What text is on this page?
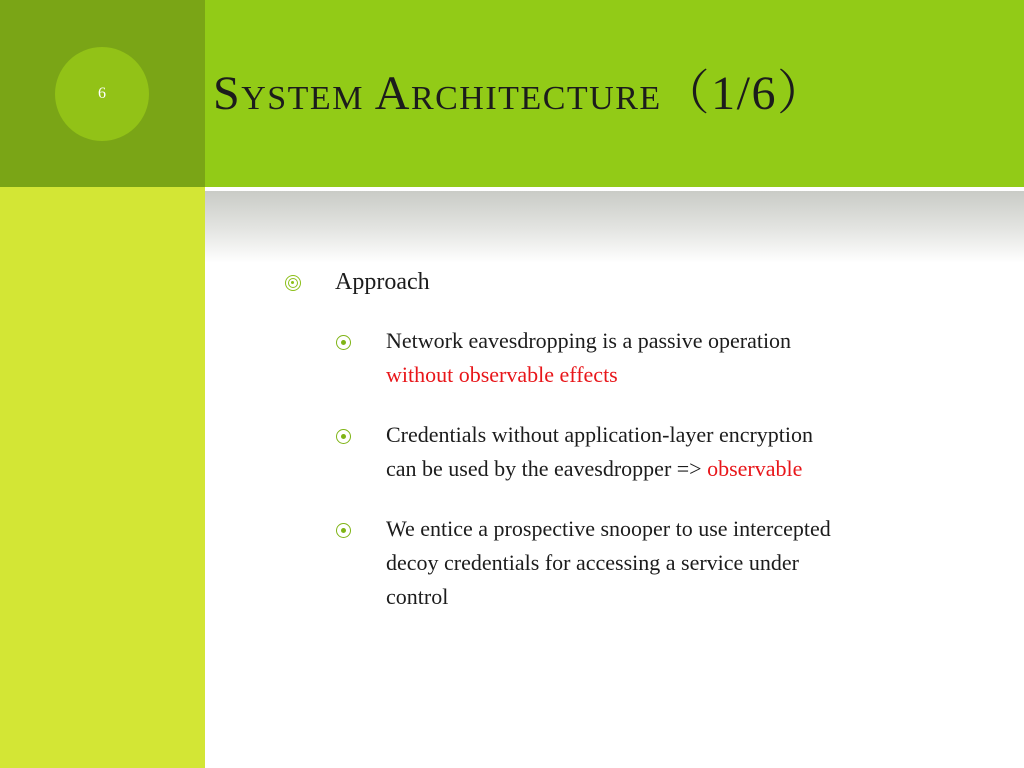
6 System Architecture（1/6）
Approach
Network eavesdropping is a passive operation
without observable effects
Credentials without application-layer encryption
can be used by the eavesdropper => observable
We entice a prospective snooper to use intercepted
decoy credentials for accessing a service under
control
